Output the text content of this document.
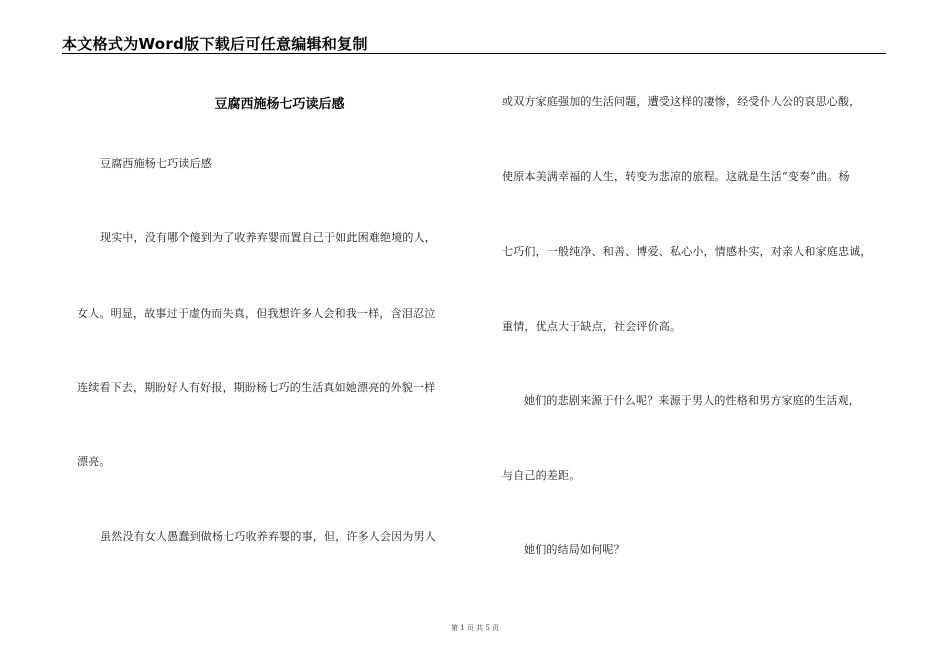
本文格式为Word版下载后可任意编辑和复制
豆腐西施杨七巧读后感
豆腐西施杨七巧读后感
现实中，没有哪个傻到为了收养弃婴而置自己于如此困难绝境的人，
女人。明显，故事过于虚伪而失真，但我想许多人会和我一样，含泪忍泣
连续看下去，期盼好人有好报，期盼杨七巧的生活真如她漂亮的外貌一样
漂亮。
虽然没有女人愚蠢到做杨七巧收养弃婴的事，但，许多人会因为男人
或双方家庭强加的生活问题，遭受这样的凄惨，经受仆人公的哀思心酸，
使原本美满幸福的人生，转变为悲凉的旅程。这就是生活“变奏”曲。杨
七巧们，一般纯净、和善、博爱、私心小，情感朴实，对亲人和家庭忠诚，
重情，优点大于缺点，社会评价高。
她们的悲剧来源于什么呢？来源于男人的性格和男方家庭的生活观，
与自己的差距。
她们的结局如何呢？
第 1 页 共 5 页
